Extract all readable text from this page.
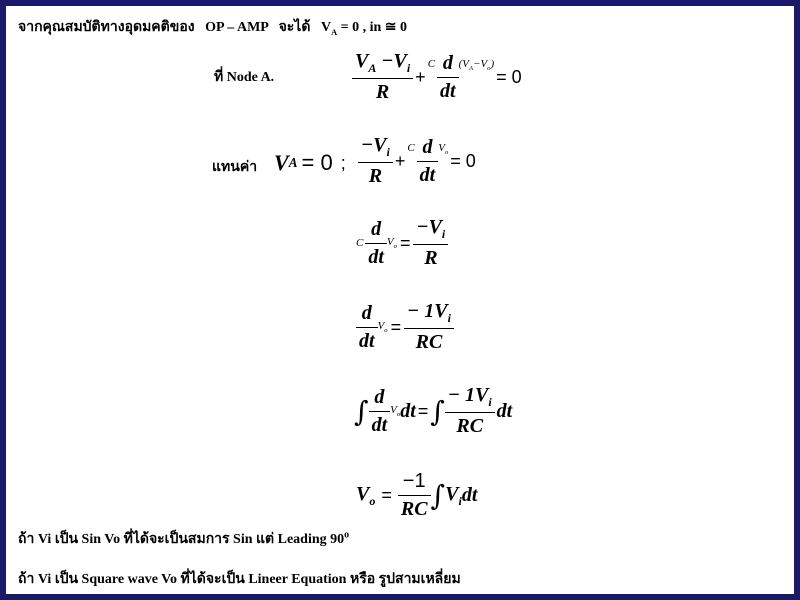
จากคุณสมบัติทางอุดมคติของ OP – AMP จะได้ $V_A = 0$ , in ≅ 0
ที่ Node A.	$\frac{V_A -V_i}{R}$ +
C $\frac{d}{dt} (V_A-V_o)$
= 0
แทนค่า V A = 0 ; $\frac{-V_i}{R}$ +
C $\frac{d}{dt} V_o = 0$
C $\frac{d}{dt} V_o = \frac{-V_i}{R}$
$\frac{d}{dt} V_o = \frac{- 1V_i}{RC}$
∫ $\frac{d}{dt} V_o$ dt = ∫ $\frac{- 1V_i}{RC}$ dt
$V_o = \frac{-1}{RC}$ ∫ $V_i$ dt
ถ้า Vi เป็น Sin Vo ที่ได้จะเป็นสมการ Sin แต่ Leading 90$^o$
ถ้า Vi เป็น Square wave Vo ที่ได้จะเป็น Lineer Equation หรือ รูปสามเหลี่ยม
